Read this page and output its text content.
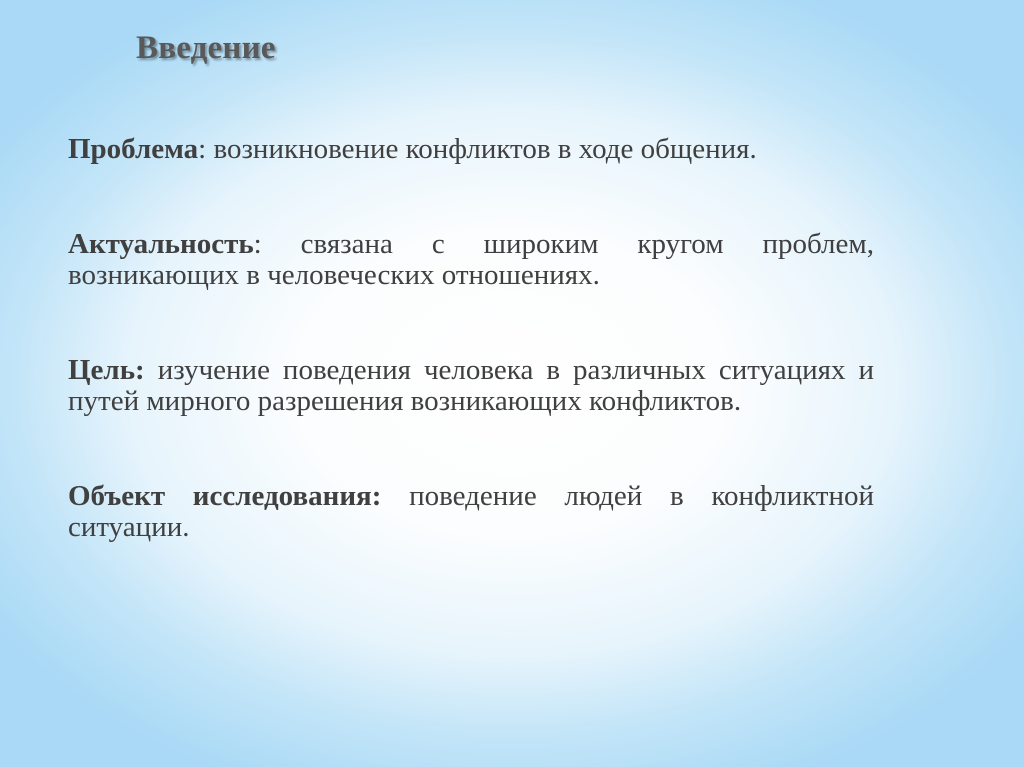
Введение

Проблема: возникновение конфликтов в ходе общения.

Актуальность: связана с широким кругом проблем, возникающих в человеческих отношениях.

Цель: изучение поведения человека в различных ситуациях и путей мирного разрешения возникающих конфликтов.

Объект исследования: поведение людей в конфликтной ситуации.
